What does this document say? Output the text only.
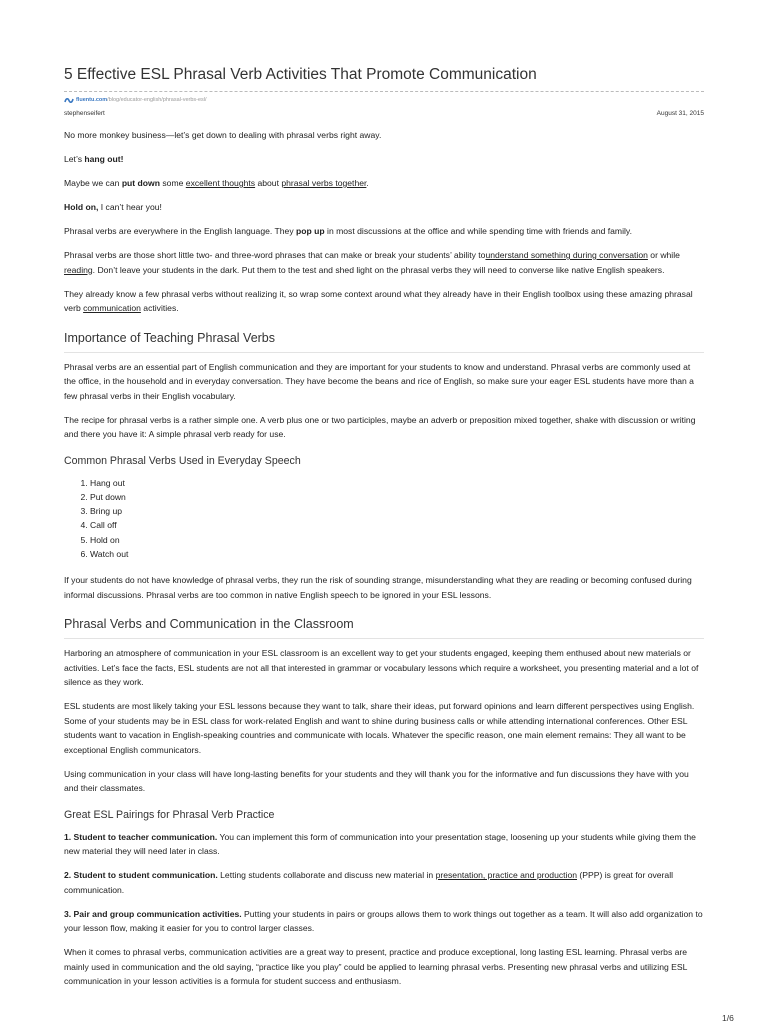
5 Effective ESL Phrasal Verb Activities That Promote Communication
fluentu.com/blog/educator-english/phrasal-verbs-esl/
stephenseifert	August 31, 2015

No more monkey business—let’s get down to dealing with phrasal verbs right away.

Let’s hang out!

Maybe we can put down some excellent thoughts about phrasal verbs together.

Hold on, I can’t hear you!

Phrasal verbs are everywhere in the English language. They pop up in most discussions at the office and while spending time with friends and family.

Phrasal verbs are those short little two- and three-word phrases that can make or break your students’ ability tounderstand something during conversation or while reading. Don’t leave your students in the dark. Put them to the test and shed light on the phrasal verbs they will need to converse like native English speakers.

They already know a few phrasal verbs without realizing it, so wrap some context around what they already have in their English toolbox using these amazing phrasal verb communication activities.

Importance of Teaching Phrasal Verbs

Phrasal verbs are an essential part of English communication and they are important for your students to know and understand. Phrasal verbs are commonly used at the office, in the household and in everyday conversation. They have become the beans and rice of English, so make sure your eager ESL students have more than a few phrasal verbs in their English vocabulary.

The recipe for phrasal verbs is a rather simple one. A verb plus one or two participles, maybe an adverb or preposition mixed together, shake with discussion or writing and there you have it: A simple phrasal verb ready for use.

Common Phrasal Verbs Used in Everyday Speech
1. Hang out
2. Put down
3. Bring up
4. Call off
5. Hold on
6. Watch out

If your students do not have knowledge of phrasal verbs, they run the risk of sounding strange, misunderstanding what they are reading or becoming confused during informal discussions. Phrasal verbs are too common in native English speech to be ignored in your ESL lessons.

Phrasal Verbs and Communication in the Classroom

Harboring an atmosphere of communication in your ESL classroom is an excellent way to get your students engaged, keeping them enthused about new materials or activities. Let’s face the facts, ESL students are not all that interested in grammar or vocabulary lessons which require a worksheet, you presenting material and a lot of silence as they work.

ESL students are most likely taking your ESL lessons because they want to talk, share their ideas, put forward opinions and learn different perspectives using English. Some of your students may be in ESL class for work-related English and want to shine during business calls or while attending international conferences. Other ESL students want to vacation in English-speaking countries and communicate with locals. Whatever the specific reason, one main element remains: They all want to be exceptional English communicators.

Using communication in your class will have long-lasting benefits for your students and they will thank you for the informative and fun discussions they have with you and their classmates.

Great ESL Pairings for Phrasal Verb Practice

1. Student to teacher communication. You can implement this form of communication into your presentation stage, loosening up your students while giving them the new material they will need later in class.

2. Student to student communication. Letting students collaborate and discuss new material in presentation, practice and production (PPP) is great for overall communication.

3. Pair and group communication activities. Putting your students in pairs or groups allows them to work things out together as a team. It will also add organization to your lesson flow, making it easier for you to control larger classes.

When it comes to phrasal verbs, communication activities are a great way to present, practice and produce exceptional, long lasting ESL learning. Phrasal verbs are mainly used in communication and the old saying, “practice like you play” could be applied to learning phrasal verbs. Presenting new phrasal verbs and utilizing ESL communication in your lesson activities is a formula for student success and enthusiasm.

1/6
